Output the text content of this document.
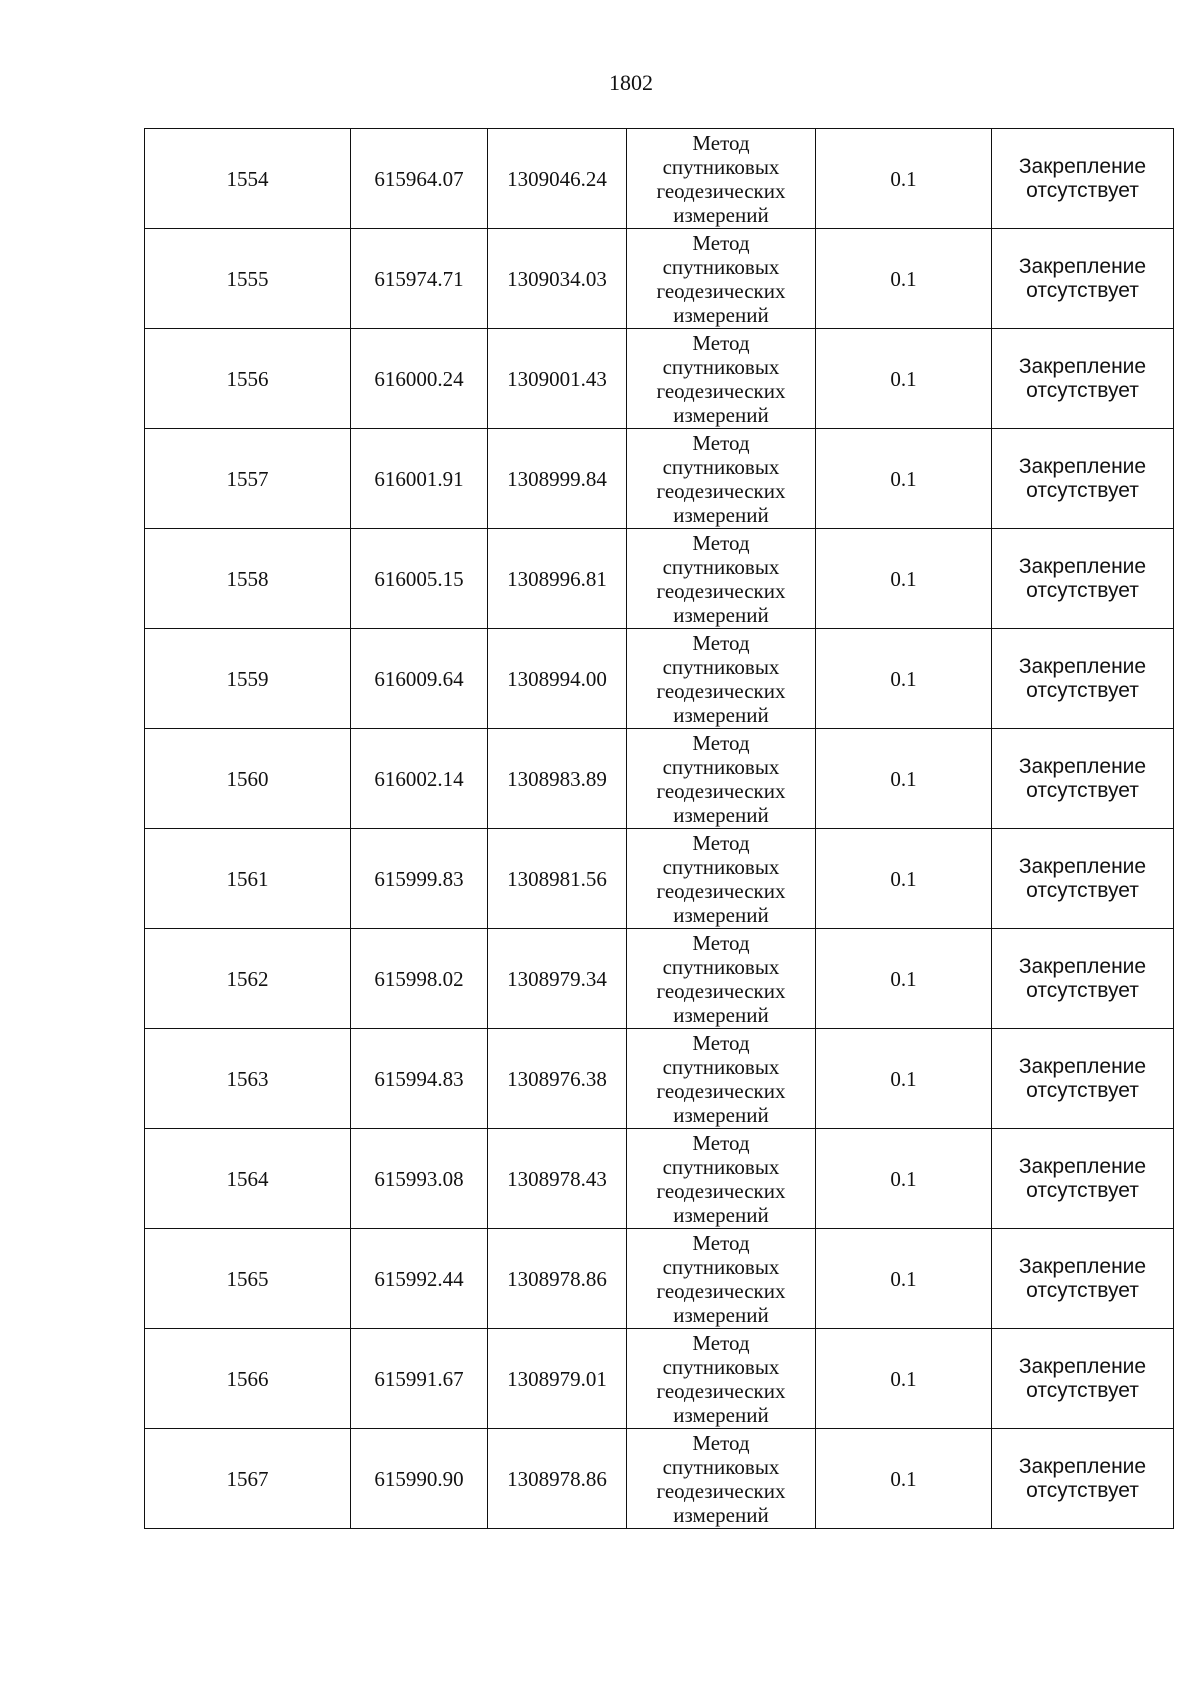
1802
1554	615964.07	1309046.24	Метод
спутниковых
геодезических
измерений	0.1	Закрепление
отсутствует

1555	615974.71	1309034.03	Метод
спутниковых
геодезических
измерений	0.1	Закрепление
отсутствует

1556	616000.24	1309001.43	Метод
спутниковых
геодезических
измерений	0.1	Закрепление
отсутствует

1557	616001.91	1308999.84	Метод
спутниковых
геодезических
измерений	0.1	Закрепление
отсутствует

1558	616005.15	1308996.81	Метод
спутниковых
геодезических
измерений	0.1	Закрепление
отсутствует

1559	616009.64	1308994.00	Метод
спутниковых
геодезических
измерений	0.1	Закрепление
отсутствует

1560	616002.14	1308983.89	Метод
спутниковых
геодезических
измерений	0.1	Закрепление
отсутствует

1561	615999.83	1308981.56	Метод
спутниковых
геодезических
измерений	0.1	Закрепление
отсутствует

1562	615998.02	1308979.34	Метод
спутниковых
геодезических
измерений	0.1	Закрепление
отсутствует

1563	615994.83	1308976.38	Метод
спутниковых
геодезических
измерений	0.1	Закрепление
отсутствует

1564	615993.08	1308978.43	Метод
спутниковых
геодезических
измерений	0.1	Закрепление
отсутствует

1565	615992.44	1308978.86	Метод
спутниковых
геодезических
измерений	0.1	Закрепление
отсутствует

1566	615991.67	1308979.01	Метод
спутниковых
геодезических
измерений	0.1	Закрепление
отсутствует

1567	615990.90	1308978.86	Метод
спутниковых
геодезических
измерений	0.1	Закрепление
отсутствует
